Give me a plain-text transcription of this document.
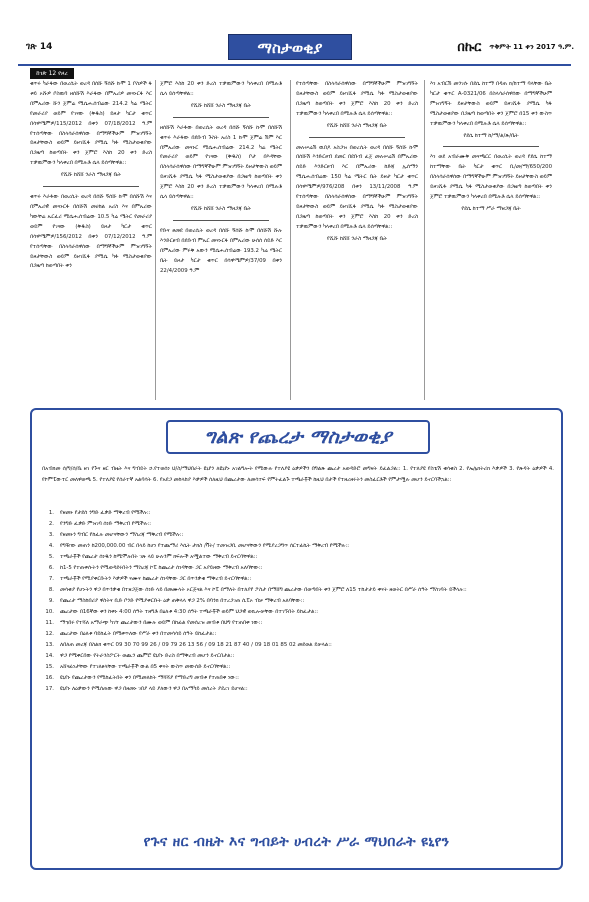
ገጽ 14	ማስታወቂያ	በኩር ጥቅምት 11 ቀን 2017 ዓ.ም.
ከገጽ 12 የዞረ
ቁጥሩ ካራፋው በወረሲት ወረዳ በሰሹ ኝሰሹ ኩሞ 1 ቦስዎች ፋ ቱይ ኦሹዎ ቦስዉባ ዘሰሹሽ እራፋው በምኡሪዎ መናኑርፋ እር በምኡሪው ሹን ጀምሬ ሚሴሑሰብሬው 214.2 ካሬ ሜትር የመራሪያ ወይም የገናው (ቅዱስ) ይዞታ ካርታ ቁጥር በሳዋሜምዎ/115/2012 በቀን 07/18/2012 ዓ.ም የተሰጣቸው በስላሳራሰዋሰው በማግኛችሁም ምዝገግኝት ይዞታቸውስ ወይም ይዞገሺፋ ያሚሴ ካፋ ሚስታወቂያው በጋዜጣ ከወጣበት ቀን ጀምሮ እስከ 20 ቀን ድረስ ተቃዉምውን ካላቀረበ በሚሉቶ ሴላ ይሰጣቸዋል::
የሺሹ ከሸሸ ንራስ ማዘጋጃ ቤት
ቁጥሩ እራፋው በወረሲት ወረዳ በሰሹ ኝሰሹ ኩሞ በሰሹሽ እና በምኡሪዊ መናኑርፋ በሰሹሽ መሀከል አሪስ እና በምኡሪው ካውቸሬ ኡርፈሪ ሚሴሑሰብሬው 10.5 ካሬ ሜትር የመራሪያ ወይም የገናው (ቅዱስ) ይዞታ ካርታ ቁጥር በሳዋሜምዎ/156/2012 በቀን 07/12/2012 ዓ.ም የተሰጣቸው በስላሳራሰዋሰው በማግኛችሁም ምዝገግኝት ይዞታቸውስ ወይም ይዞገሺፋ ያሚሴ ካፋ ሚስታወቂያው በጋዜጣ ከወጣበት ቀን
ጀምሮ እስከ 20 ቀን ድረስ ተቃዉምውን ካላቀረበ በሚሉቶ ሴላ ይሰጣቸዋል::
የሺሹ ከሸሸ ንራስ ማዘጋጃ ቤት
ዘሰሹሽ እራፋው በወረሲት ወረዳ በሰሹ ኝሰሹ ኩሞ በሰሹሽ ቁጥሩ እራፋው በደቡብ ጉስት አሪስ 1 ኩሞ ጀምሬ ሽም እር በምኡሪው መናኑር ሚሴሑሰብሬው 214.2 ካሬ ሜትር የመራሪያ ወይም የገናው (ቅዱስ) ቦታ በእዳቸው በስላሳራሰዋሰው በማግኛችሁም ምዝገግኝት ይዞታቸውስ ወይም ይዞገሺፋ ያሚሴ ካፋ ሚስታወቂያው በጋዜጣ ከወጣበት ቀን ጀምሮ እስከ 20 ቀን ድረስ ተቃዉምውን ካላቀረበ በሚሉቶ ሴላ ይሰጣቸዋል::
የሺሹ ከሸሸ ንራስ ማዘጋጃ ቤት
የቡና ፀመደ በወረሲት ወረዳ በሰሹ ኝሰሹ ኩሞ በሰሹሽ ሹሉ እንድርፀብ በደቡብ ምኡር መናኑርፋ በምኡሪው ሁሰሰ ሰይድ እር በምኡሪው ምሩቅ አውን ሚሴሑሰብሬው 193.2 ካሬ ሜትር ቤት ይዞታ ካርታ ቁጥር በሳዋሜምዎ/37/09 በቀን 22/4/2009 ዓ.ም
የተሰጣቸው በስላሳራሰዋሰው በማግኛችሁም ምዝገግኝት ይዞታቸውስ ወይም ይዞገሺፋ ያሚሴ ካፋ ሚስታወቂያው በጋዜጣ ከወጣበት ቀን ጀምሮ እስከ 20 ቀን ድረስ ተቃዉምውን ካላቀረበ በሚሉቶ ሴላ ይሰጣቸዋል::
የሺሹ ከሸሸ ንራስ ማዘጋጃ ቤት
መሉሠሬሽ ዉበዶ አስጋዝ በወረሲት ወረዳ በሰሹ ኝሰሹ ኩሞ በሰሹሽ እንድርፀብ ደመር በደቡብ ፈጀ መሉሠሬሽ በምኡሪው ሰይድ እንድርፀብ እር በምኡሪው ከድጃ ኢሰማን ሚሴሑሰብሬው 150 ካሬ ሜትር ቤት ይዞታ ካርታ ቁጥር በሳዋሜምዎ/976/208 በቀን 13/11/2008 ዓ.ም የተሰጣቸው በስላሳራሰዋሰው በማግኛችሁም ምዝገግኝት ይዞታቸውስ ወይም ይዞገሺፋ ያሚሴ ካፋ ሚስታወቂያው በጋዜጣ ከወጣበት ቀን ጀምሮ እስከ 20 ቀን ድረስ ተቃዉምውን ካላቀረበ በሚሉቶ ሴላ ይሰጣቸዋል::
የሺሹ ከሸሸ ንራስ ማዘጋጃ ቤት
እነ አብርሽ መንገሱ በደሴ ከተማ በዳጠ ክ/ከተማ ባላቸው ቤት ካርታ ቁጥር A-0321/06 በስላሳራሰዋሰው በማግኛችሁም ምዝገግኝት ይዞታቸውስ ወይም ይዞገሺፋ ያሚሴ ካፋ ሚስታወቂያው በጋዜጣ ከወጣበት ቀን ጀምሮ በ15 ቀን ውስጥ ተቃዉምውን ካላቀረበ በሚሉቶ ሴላ ይሰጣቸዋል::
የደሴ ከተማ ከ/ማ/ል/ጽ/ቤት
እነ ወደ አብራሙቅ መናጫርር በወረሲት ወረዳ የደሴ ከተማ ከተማቸው ቤት ካርታ ቁጥር ቢ/መ/ማ/650/200 በስላሳራሰዋሰው በማግኛችሁም ምዝገግኝት ይዞታቸውስ ወይም ይዞገሺፋ ያሚሴ ካፋ ሚስታወቂያው በጋዜጣ ከወጣበት ቀን ጀምሮ ተቃዉምውን ካላቀረበ በሚሉቶ ሴላ ይሰጣቸዋል::
የደሴ ከተማ ሥራ ማዘጋጃ ቤት
ግልጽ የጨረታ ማስታወቂያ
በአብክመ ሰ/ግ/ሰ/ቤ ዘገ የጉና ዘር ብዜት እና ግብይት ኃ.የተወሰነ ህ/ስ/ማህበራት ዩኒየን ለዩኒየኑ አገልግሎት የሚውሉ የተለያዩ ዕቃዎችን በግልጽ ጨረታ አወዳድሮ መግዛት ይፈልጋል:: 1. የተለያዩ የስቴሽ ቁሳቁስ 2. የኤሌክትሪክ እቃዎች 3. የጽዳት ዕቃዎች 4. የኮምፒውተር መለዋወጫ 5. የተለያዩ የሰራተኛ አልባሳት 6. የአደጋ መከላከያ እቃዎች ሰለዚህ በጨረታው ለመሳተፍ የምትፈልጉ ተጫራቾች ከዚህ በታች የተዘረዘሩትን መስፈርቶች የምታሟሉ መሆን ይኖርባችኋል::
1. የዘመኑ የታደሰ ንግድ ፈቃድ ማቅረብ የሚችሉ::
2. የንግድ ፈቃድ ምዝገባ ሰነድ ማቅረብ የሚችሉ::
3. የዘመኑን ግብር የከፈሉ መሆናቸውን ማስረጃ ማቅረብ የሚችሉ::
4. የግዥው መጠን ከ200,000.00 ብር በላይ ከሆነ የተጨማሪ እሴት ታክስ /ቫት/ ተመዝጋቢ መሆናቸውን የሚያረጋግጥ ሰርተፊኬት ማቅረብ የሚችሉ::
5. ተጫራቾች የጨረታ ሰነዱን ከሚሞሉበት ገጽ ላይ ሁሉንም ክፍሎች አሟልተው ማቅረብ ይኖርባቸዋል::
6. ከ1-5 የተጠቀሱትን የሚወዳደሩበትን ማስረጃ ኮፒ ከጨረታ ሰነዳቸው ጋር አያይዘው ማቅረብ አለባቸው::
7. ተጫራቾች የሚያቀርቡትን እቃዎች ናሙና ከጨረታ ሰነዳቸው ጋር በጥንቃቄ ማቅረብ ይኖርባቸዋል::
8. መሳቂያ የሆኑትን ዋጋ በጥንቃቄ በተዘጋጀው ሰነድ ላይ በመሙላት ኦርጅናል እና ኮፒ በማለት በተለያየ ፖስታ በማሸግ ጨረታው በወጣበት ቀን ጀምሮ ለ15 ተከታታይ ቀናት ዘወትር በሥራ ሰዓት ማስገባት ይችላሉ::
9. የጨረታ ማስከበሪያ ዋስትና ቢድ ቦንድ የሚያቀርቡት ዕቃ ጠቅላላ ዋጋ 2% በባንክ በተረጋገጠ ሲፒኦ ብቻ ማቅረብ አለባቸው::
10. ጨረታው በ16ኛው ቀን ከቀኑ 4:00 ሰዓት ተዘግቶ በዕለቱ 4:30 ሰዓት ተጫራቾች ወይም ህጋዊ ወኪሎቻቸው በተገኙበት ይከፈታል::
11. ማኅበሩ የተሻለ አማራጭ ካገኘ ጨረታውን በሙሉ ወይም በከፊል የመሰረዝ መብቱ በህግ የተጠበቀ ነው::
12. ጨረታው በዕለቱ ባይከፈት በሚቀጥለው የሥራ ቀን በተመሳሳይ ሰዓት ይከፈታል::
13. ለበለጠ መረጃ በስልክ ቁጥር 09 30 70 99 26 / 09 79 26 13 56 / 09 18 21 87 40 / 09 18 01 85 02 መደወል ይቻላል::
14. ዋጋ የሚቀርበው የትራንስፖርት ወጪን ጨምሮ ዩኒየኑ ድረስ በማቅረብ መሆን ይኖርበታል::
15. አሸናፊነታቸው የተገለፀላቸው ተጫራቾች ውል በ5 ቀናት ውስጥ መውሰድ ይኖርባቸዋል::
16. ዩኒየኑ የጨረታውን የሚከፈትበት ቀን በሚመለከት ማሻሻያ የማድረግ መብቱ የተጠበቀ ነው::
17. ዩኒየኑ ለዕቃውን የሚሰጠው ዋጋ በዘመኑ ገበያ ላይ ያለውን ዋጋ በአማካይ መሰረት ያደረገ ይሆናል::
የጉና ዘር ብዜት እና ግብይት ሀብረት ሥራ ማህበራት ዩኒየን
